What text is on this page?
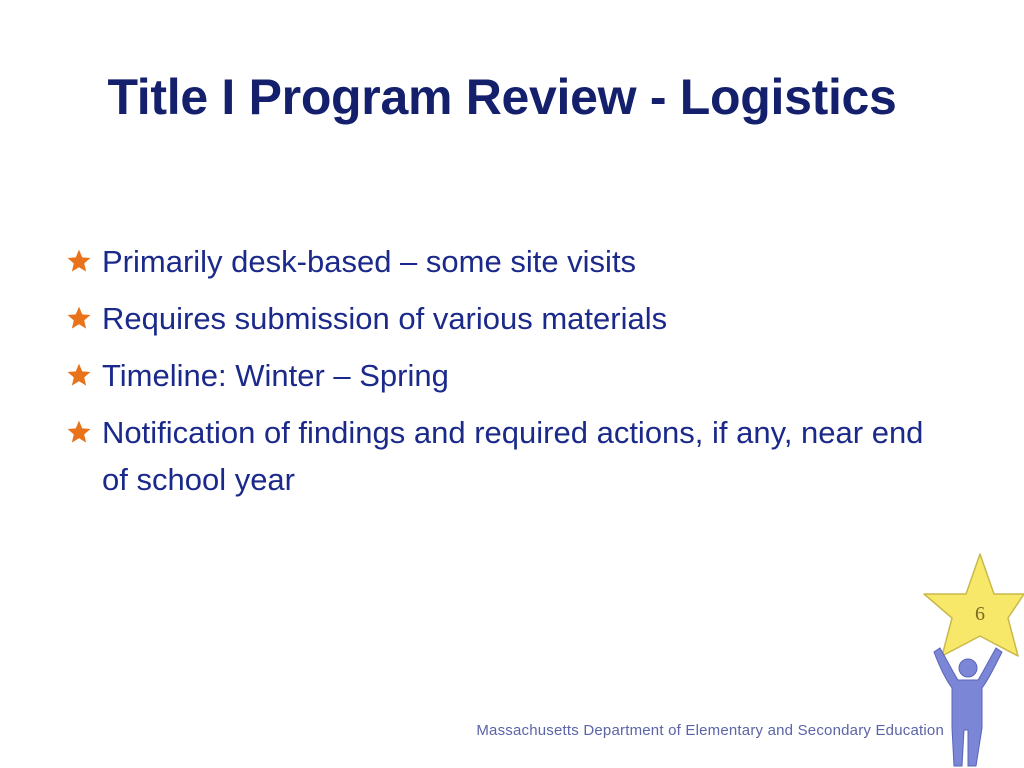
Title I Program Review - Logistics
Primarily desk-based – some site visits
Requires submission of various materials
Timeline: Winter – Spring
Notification of findings and required actions, if any, near end of school year
6
Massachusetts Department of Elementary and Secondary Education
